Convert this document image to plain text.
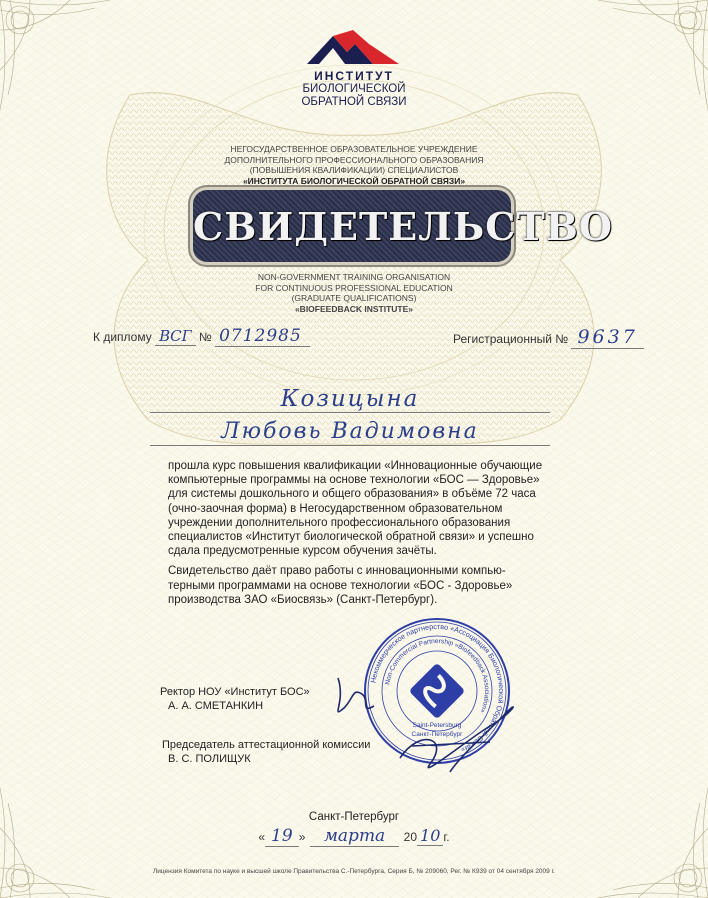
ИНСТИТУТ
БИОЛОГИЧЕСКОЙ
ОБРАТНОЙ СВЯЗИ
НЕГОСУДАРСТВЕННОЕ ОБРАЗОВАТЕЛЬНОЕ УЧРЕЖДЕНИЕ
ДОПОЛНИТЕЛЬНОГО ПРОФЕССИОНАЛЬНОГО ОБРАЗОВАНИЯ
(ПОВЫШЕНИЯ КВАЛИФИКАЦИИ) СПЕЦИАЛИСТОВ
«ИНСТИТУТА БИОЛОГИЧЕСКОЙ ОБРАТНОЙ СВЯЗИ»
СВИДЕТЕЛЬСТВО
NON-GOVERNMENT TRAINING ORGANISATION
FOR CONTINUOUS PROFESSIONAL EDUCATION
(GRADUATE QUALIFICATIONS)
«BIOFEEDBACK INSTITUTE»
К диплому ВСГ № 0712985	Регистрационный № 9637
Козицына
Любовь Вадимовна
прошла курс повышения квалификации «Инновационные обучающие
компьютерные программы на основе технологии «БОС — Здоровье»
для системы дошкольного и общего образования» в объёме 72 часа
(очно-заочная форма) в Негосударственном образовательном
учреждении дополнительного профессионального образования
специалистов «Институт биологической обратной связи» и успешно
сдала предусмотренные курсом обучения зачёты.
Свидетельство даёт право работы с инновационными компью-
терными программами на основе технологии «БОС - Здоровье»
производства ЗАО «Биосвязь» (Санкт-Петербург).
Некоммерческое партнерство «Ассоциация Биологической Обратной Связи»
Non-Commercial Partnership «Biofeedback Association»
Saint-Petersburg
Санкт-Петербург
Ректор НОУ «Институт БОС»
А. А. СМЕТАНКИН
Председатель аттестационной комиссии
В. С. ПОЛИЩУК
Санкт-Петербург
« 19 » марта 20 10 г.
Лицензия Комитета по науке и высшей школе Правительства С.-Петербурга, Серия Б, № 209060, Рег. № К939 от 04 сентября 2009 г.
